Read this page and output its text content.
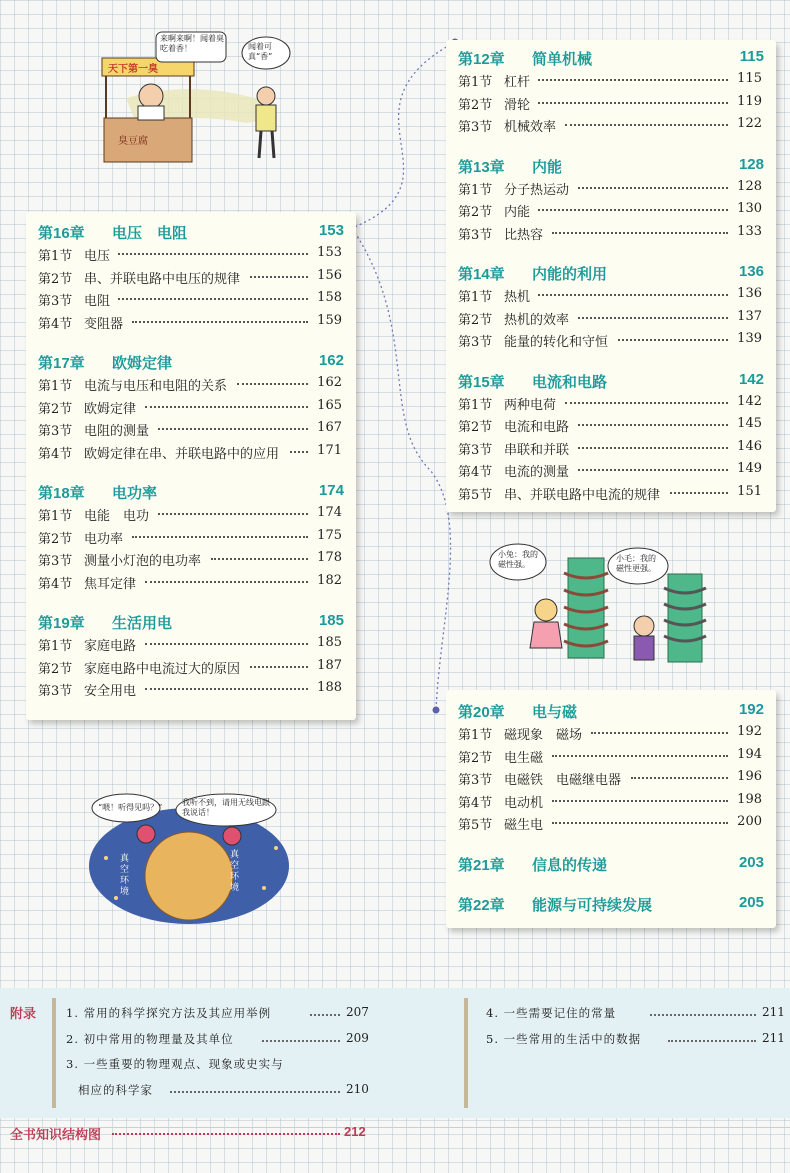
天下第一臭
来啊来啊！闻着臭吃着香！	闻着可真“香”
臭豆腐
第12章 简单机械	115
第1节 杠杆	115
第2节 滑轮	119
第3节 机械效率	122
第13章 内能	128
第1节 分子热运动	128
第2节 内能	130
第3节 比热容	133
第14章 内能的利用	136
第1节 热机	136
第2节 热机的效率	137
第3节 能量的转化和守恒	139
第15章 电流和电路	142
第1节 两种电荷	142
第2节 电流和电路	145
第3节 串联和并联	146
第4节 电流的测量	149
第5节 串、并联电路中电流的规律	151
第16章 电压　电阻	153
第1节 电压	153
第2节 串、并联电路中电压的规律	156
第3节 电阻	158
第4节 变阻器	159
第17章 欧姆定律	162
第1节 电流与电压和电阻的关系	162
第2节 欧姆定律	165
第3节 电阻的测量	167
第4节 欧姆定律在串、并联电路中的应用	171
第18章 电功率	174
第1节 电能　电功	174
第2节 电功率	175
第3节 测量小灯泡的电功率	178
第4节 焦耳定律	182
第19章 生活用电	185
第1节 家庭电路	185
第2节 家庭电路中电流过大的原因	187
第3节 安全用电	188
第20章 电与磁	192
第1节 磁现象　磁场	192
第2节 电生磁	194
第3节 电磁铁　电磁继电器	196
第4节 电动机	198
第5节 磁生电	200
第21章 信息的传递	203
第22章 能源与可持续发展	205
小兔：我的磁性强。
小毛：我的磁性更强。
“喂！听得见吗？”
我听不到，请用无线电跟我说话！
真空环境
真空环境
附录	1. 常用的科学探究方法及其应用举例	207
2. 初中常用的物理量及其单位	209
3. 一些重要的物理观点、现象或史实与
相应的科学家	210
4. 一些需要记住的常量	211
5. 一些常用的生活中的数据	211
全书知识结构图	212
